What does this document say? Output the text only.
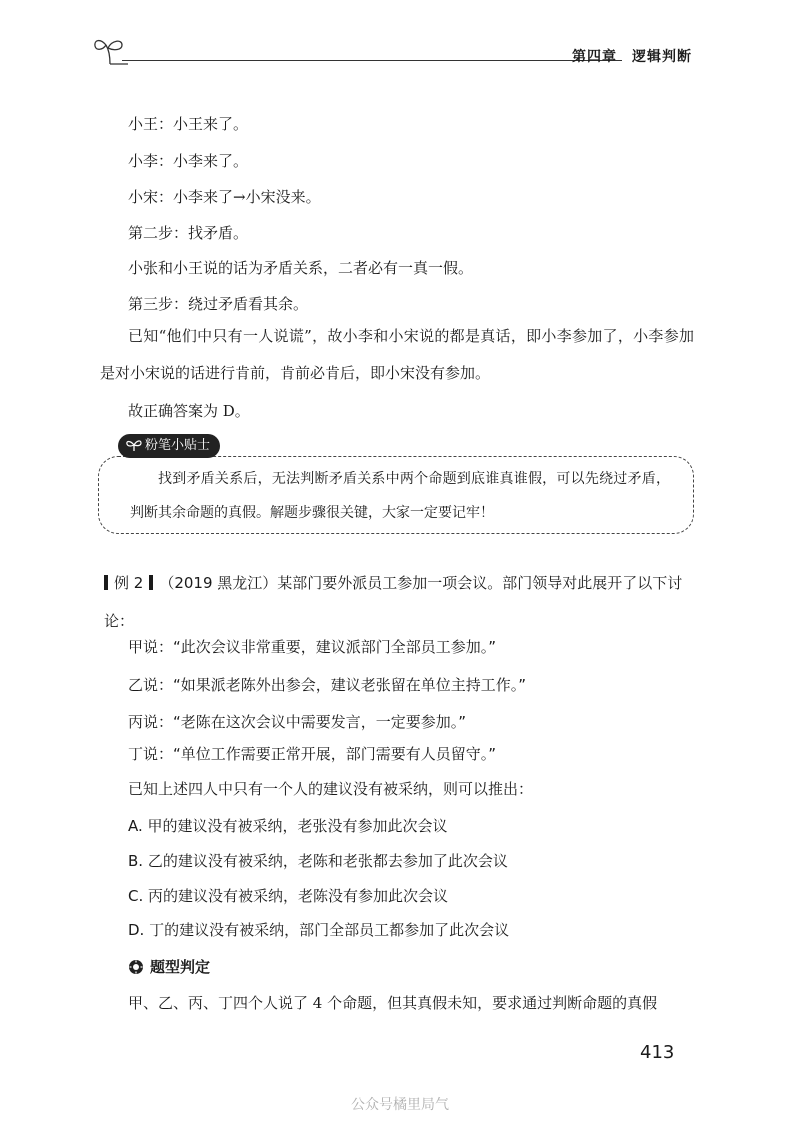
第四章　逻辑判断
小王：小王来了。
小李：小李来了。
小宋：小李来了→小宋没来。
第二步：找矛盾。
小张和小王说的话为矛盾关系，二者必有一真一假。
第三步：绕过矛盾看其余。
已知“他们中只有一人说谎”，故小李和小宋说的都是真话，即小李参加了，小李参加是对小宋说的话进行肯前，肯前必肯后，即小宋没有参加。
故正确答案为 D。
粉笔小贴士
找到矛盾关系后，无法判断矛盾关系中两个命题到底谁真谁假，可以先绕过矛盾，判断其余命题的真假。解题步骤很关键，大家一定要记牢！
例 2 （2019 黑龙江）某部门要外派员工参加一项会议。部门领导对此展开了以下讨论：
甲说：“此次会议非常重要，建议派部门全部员工参加。”
乙说：“如果派老陈外出参会，建议老张留在单位主持工作。”
丙说：“老陈在这次会议中需要发言，一定要参加。”
丁说：“单位工作需要正常开展，部门需要有人员留守。”
已知上述四人中只有一个人的建议没有被采纳，则可以推出：
A. 甲的建议没有被采纳，老张没有参加此次会议
B. 乙的建议没有被采纳，老陈和老张都去参加了此次会议
C. 丙的建议没有被采纳，老陈没有参加此次会议
D. 丁的建议没有被采纳，部门全部员工都参加了此次会议
题型判定
甲、乙、丙、丁四个人说了 4 个命题，但其真假未知，要求通过判断命题的真假
413
公众号橘里局气
